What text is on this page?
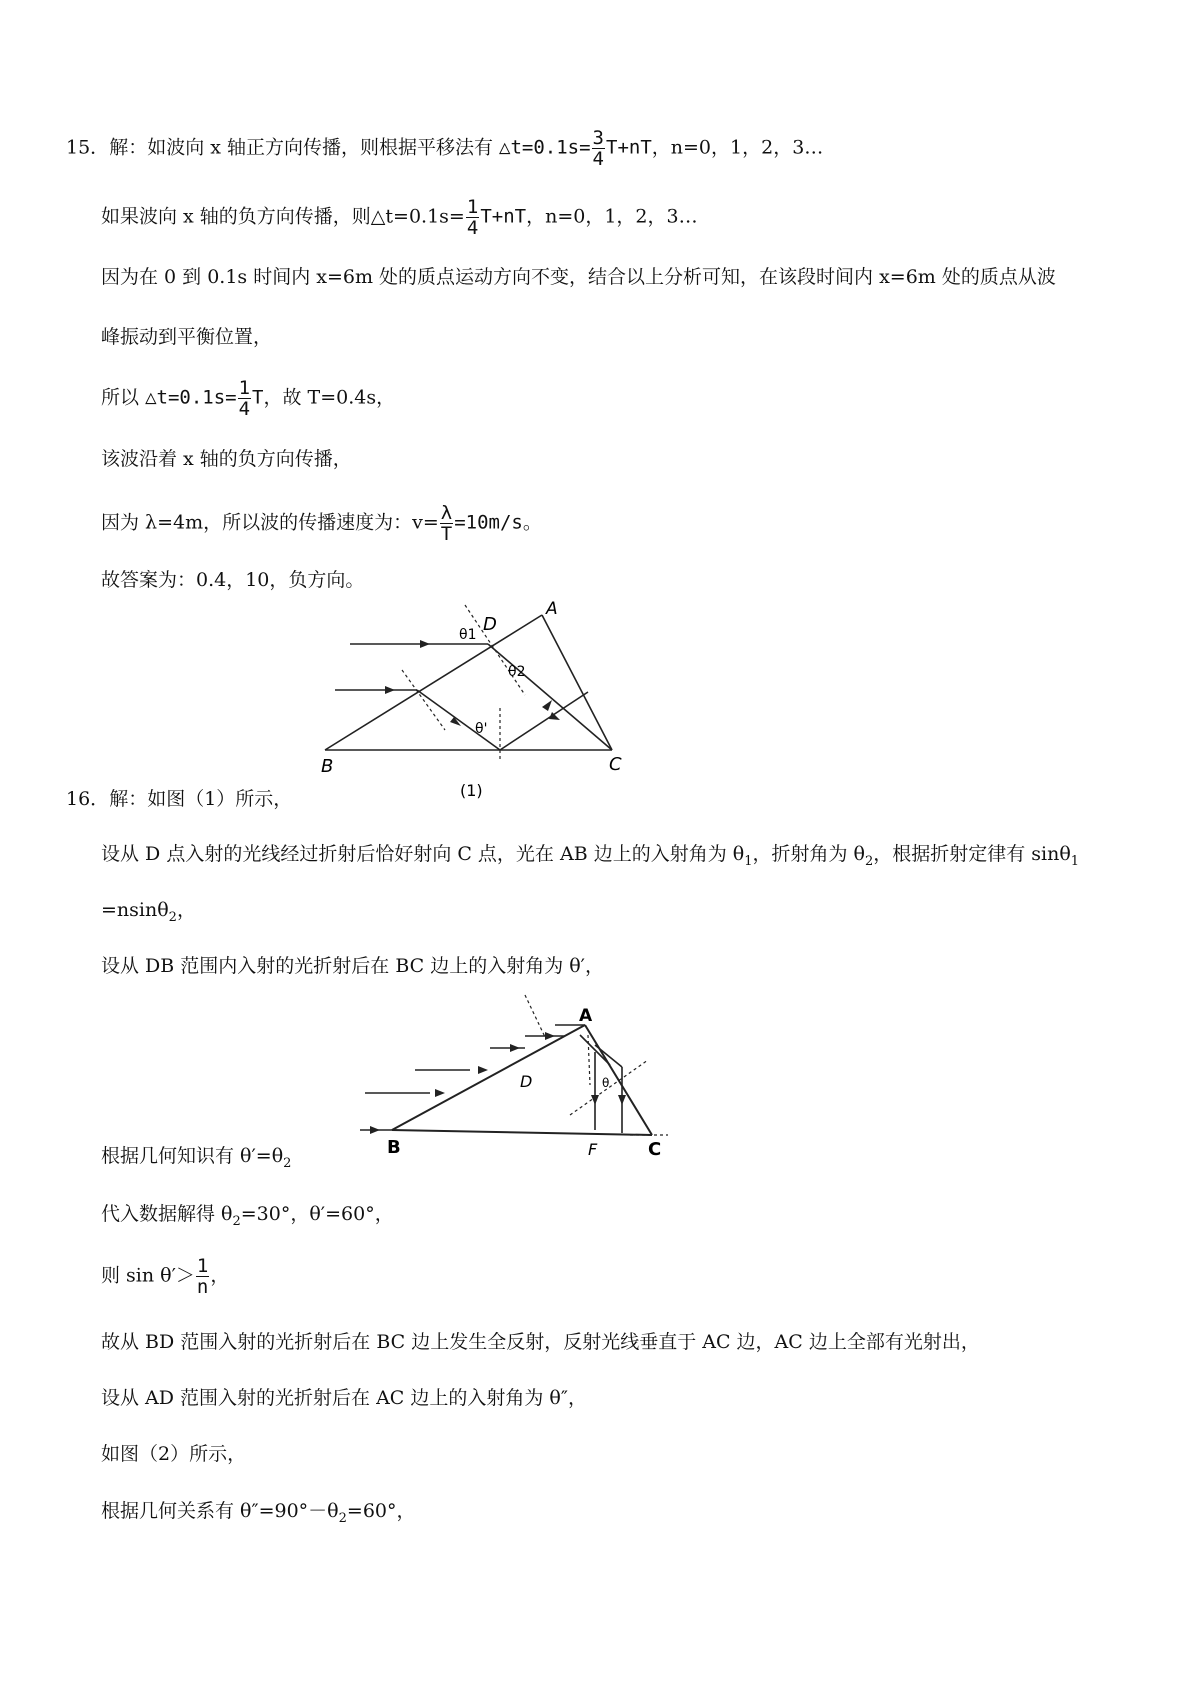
15．解：如波向 x 轴正方向传播，则根据平移法有 △t=0.1s= $\frac{3}{4} T+nT$，n=0，1，2，3…
如果波向 x 轴的负方向传播，则△t=0.1s= $\frac{1}{4} T+nT$，n=0，1，2，3…
因为在 0 到 0.1s 时间内 x=6m 处的质点运动方向不变，结合以上分析可知，在该段时间内 x=6m 处的质点从波
峰振动到平衡位置，
所以 △t=0.1s= $\frac{1}{4}$ T，故 T=0.4s，
该波沿着 x 轴的负方向传播，
因为 λ=4m，所以波的传播速度为：$v= \frac{\lambda}{T} =10m/s$。
故答案为：0.4，10，负方向。
B
A
C
D
θ1
θ2
θ'
(1)
16．解：如图（1）所示，
设从 D 点入射的光线经过折射后恰好射向 C 点，光在 AB 边上的入射角为 $\theta_1$，折射角为 $\theta_2$，根据折射定律有 sinθ$_1$
=nsinθ$_2$，
设从 DB 范围内入射的光折射后在 BC 边上的入射角为 θ′，
B
A
C
D
F
θ
根据几何知识有 $\theta'=\theta_2$
代入数据解得 $\theta_2=30^\circ$，θ′=60°，
则 $\sin \theta'> \frac{1}{n}$ ，
故从 BD 范围入射的光折射后在 BC 边上发生全反射，反射光线垂直于 AC 边，AC 边上全部有光射出，
设从 AD 范围入射的光折射后在 AC 边上的入射角为 θ″，
如图（2）所示，
根据几何关系有 $\theta''=90^\circ-\theta_2=60^\circ$，
